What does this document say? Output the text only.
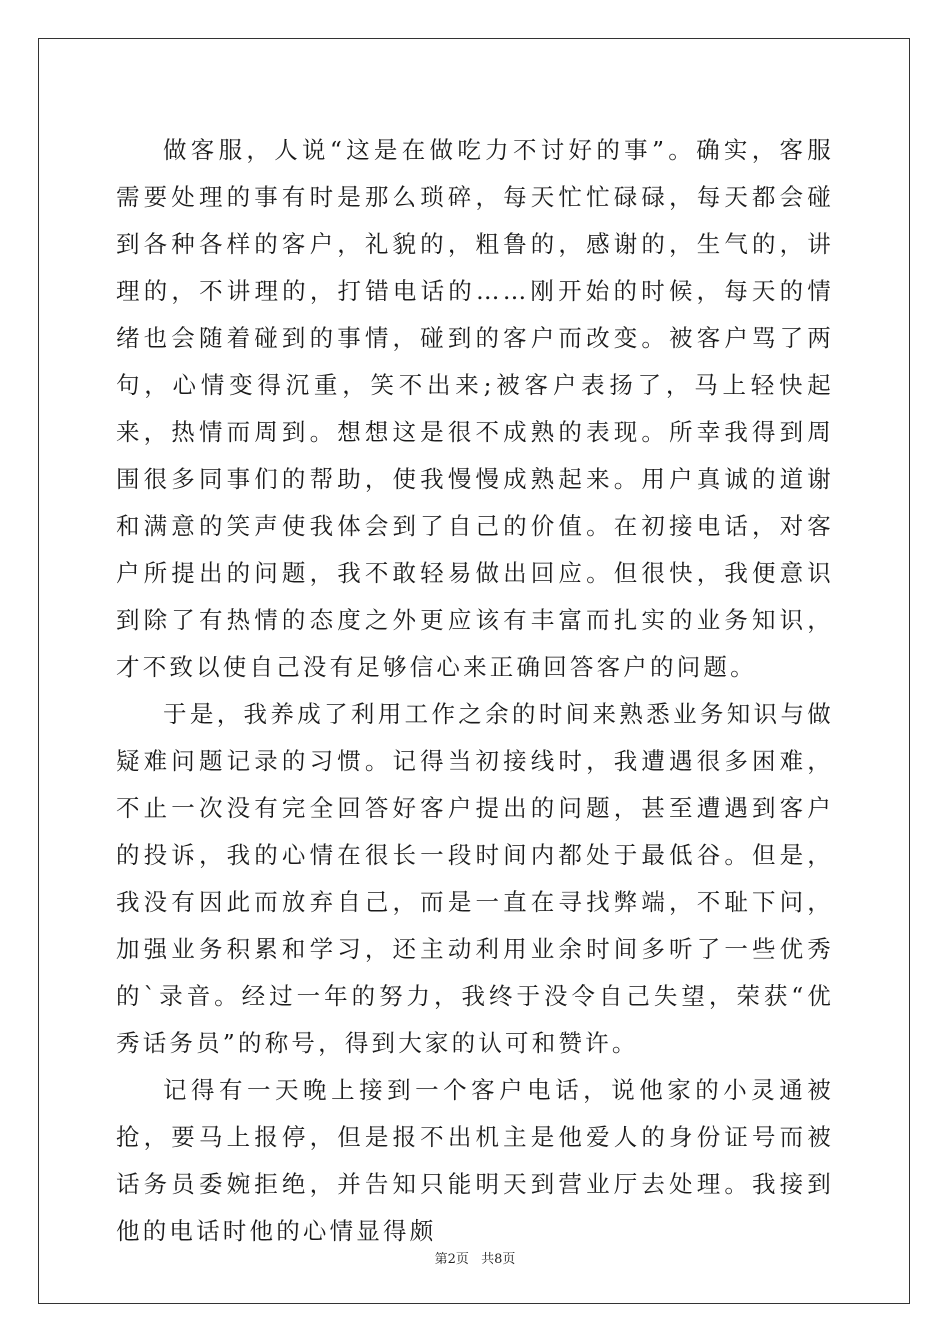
做客服，人说“这是在做吃力不讨好的事”。确实，客服需要处理的事有时是那么琐碎，每天忙忙碌碌，每天都会碰到各种各样的客户，礼貌的，粗鲁的，感谢的，生气的，讲理的，不讲理的，打错电话的……刚开始的时候，每天的情绪也会随着碰到的事情，碰到的客户而改变。被客户骂了两句，心情变得沉重，笑不出来;被客户表扬了，马上轻快起来，热情而周到。想想这是很不成熟的表现。所幸我得到周围很多同事们的帮助，使我慢慢成熟起来。用户真诚的道谢和满意的笑声使我体会到了自己的价值。在初接电话，对客户所提出的问题，我不敢轻易做出回应。但很快，我便意识到除了有热情的态度之外更应该有丰富而扎实的业务知识，才不致以使自己没有足够信心来正确回答客户的问题。

于是，我养成了利用工作之余的时间来熟悉业务知识与做疑难问题记录的习惯。记得当初接线时，我遭遇很多困难，不止一次没有完全回答好客户提出的问题，甚至遭遇到客户的投诉，我的心情在很长一段时间内都处于最低谷。但是，我没有因此而放弃自己，而是一直在寻找弊端，不耻下问，加强业务积累和学习，还主动利用业余时间多听了一些优秀的`录音。经过一年的努力，我终于没令自己失望，荣获“优秀话务员”的称号，得到大家的认可和赞许。

记得有一天晚上接到一个客户电话，说他家的小灵通被抢，要马上报停，但是报不出机主是他爱人的身份证号而被话务员委婉拒绝，并告知只能明天到营业厅去处理。我接到他的电话时他的心情显得颇

第2页 共8页
